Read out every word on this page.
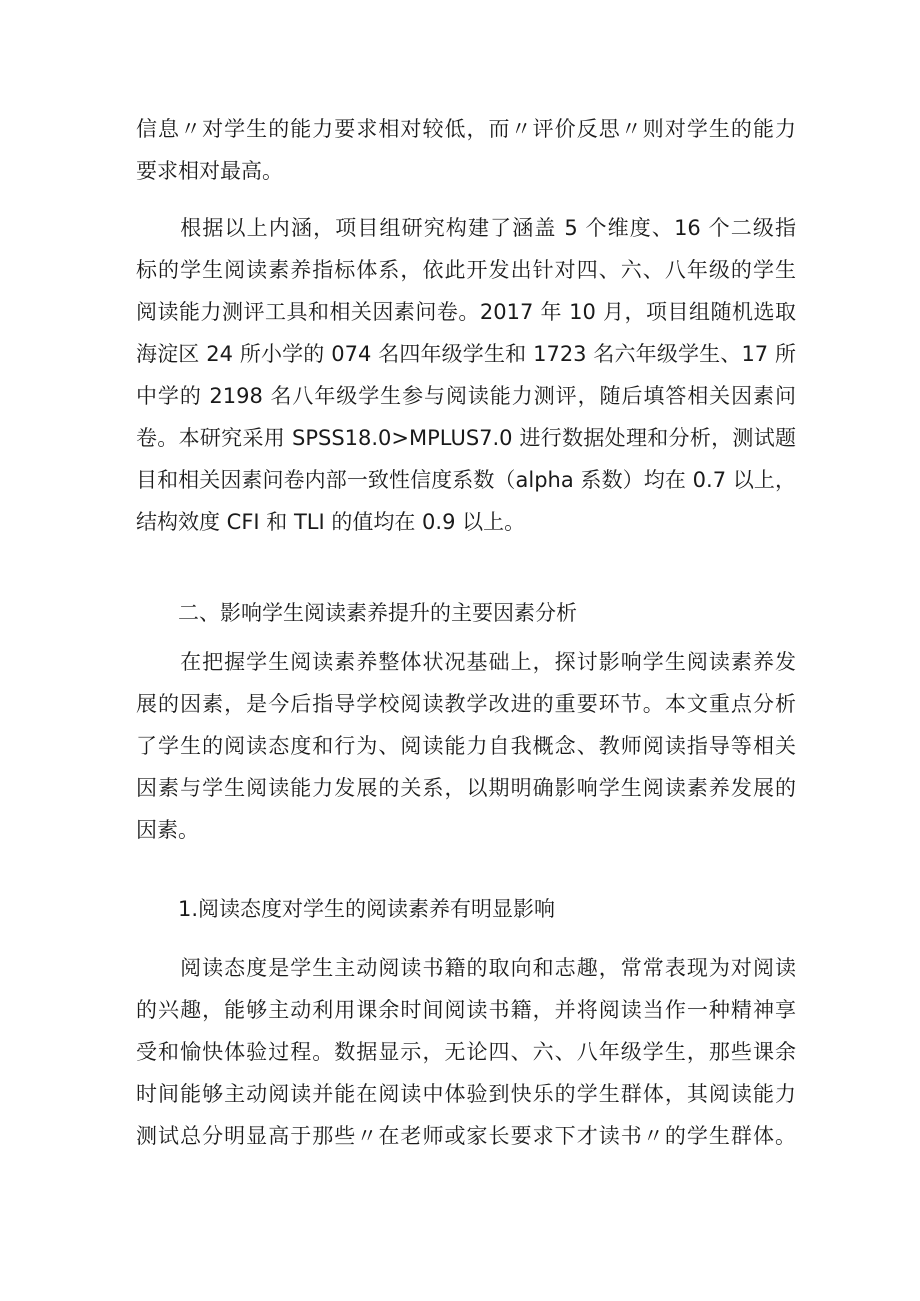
信息〃对学生的能力要求相对较低，而〃评价反思〃则对学生的能力
要求相对最高。
　　根据以上内涵，项目组研究构建了涵盖 5 个维度、16 个二级指
标的学生阅读素养指标体系，依此开发出针对四、六、八年级的学生
阅读能力测评工具和相关因素问卷。2017 年 10 月，项目组随机选取
海淀区 24 所小学的 074 名四年级学生和 1723 名六年级学生、17 所
中学的 2198 名八年级学生参与阅读能力测评，随后填答相关因素问
卷。本研究采用 SPSS18.0>MPLUS7.0 进行数据处理和分析，测试题
目和相关因素问卷内部一致性信度系数（alpha 系数）均在 0.7 以上，
结构效度 CFI 和 TLI 的值均在 0.9 以上。
　　二、影响学生阅读素养提升的主要因素分析
　　在把握学生阅读素养整体状况基础上，探讨影响学生阅读素养发
展的因素，是今后指导学校阅读教学改进的重要环节。本文重点分析
了学生的阅读态度和行为、阅读能力自我概念、教师阅读指导等相关
因素与学生阅读能力发展的关系，以期明确影响学生阅读素养发展的
因素。
　　1.阅读态度对学生的阅读素养有明显影响
　　阅读态度是学生主动阅读书籍的取向和志趣，常常表现为对阅读
的兴趣，能够主动利用课余时间阅读书籍，并将阅读当作一种精神享
受和愉快体验过程。数据显示，无论四、六、八年级学生，那些课余
时间能够主动阅读并能在阅读中体验到快乐的学生群体，其阅读能力
测试总分明显高于那些〃在老师或家长要求下才读书〃的学生群体。
